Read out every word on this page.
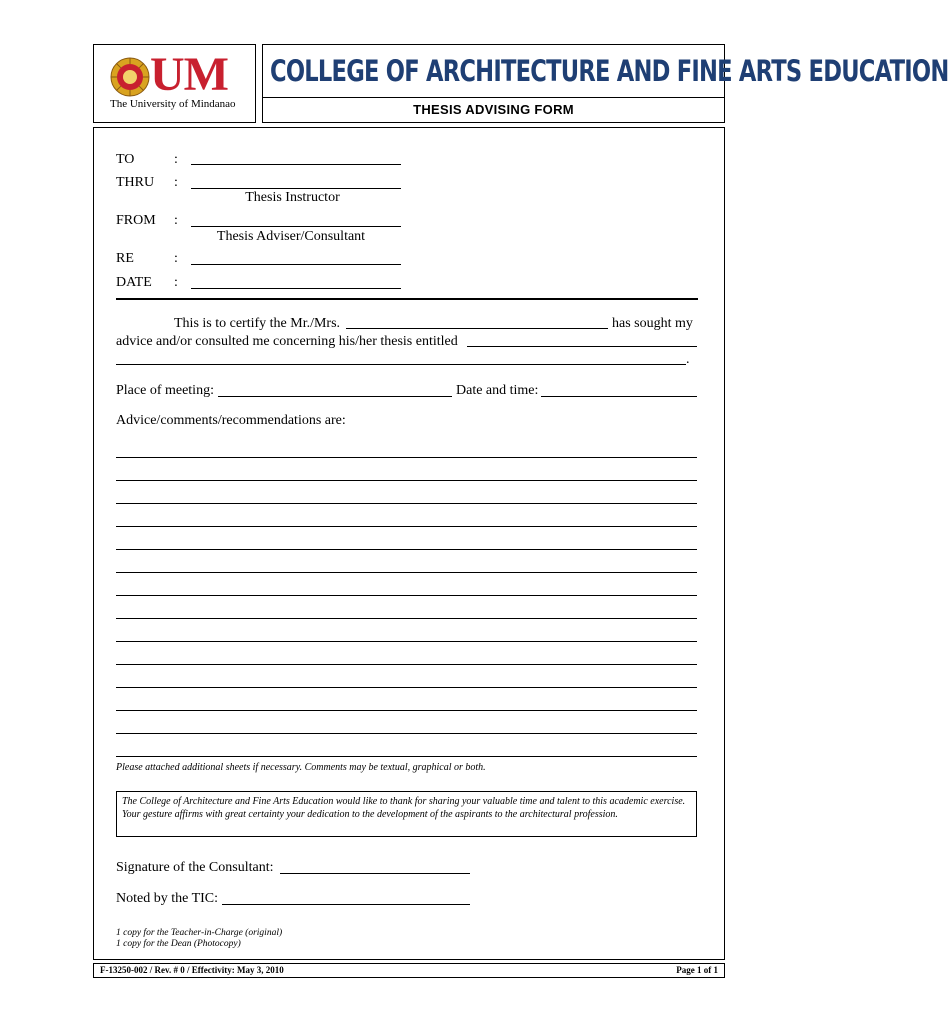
UM
The University of Mindanao
COLLEGE OF ARCHITECTURE AND FINE ARTS EDUCATION
THESIS ADVISING FORM
TO	:
THRU :
Thesis Instructor
FROM :
Thesis Adviser/Consultant
RE	:
DATE :
This is to certify the Mr./Mrs.	has sought my
advice and/or consulted me concerning his/her thesis entitled
.
Place of meeting:	Date and time:
Advice/comments/recommendations are:
Please attached additional sheets if necessary. Comments may be textual, graphical or both.
The College of Architecture and Fine Arts Education would like to thank for sharing your valuable time and talent to this academic exercise. Your gesture affirms with great certainty your dedication to the development of the aspirants to the architectural profession.
Signature of the Consultant:
Noted by the TIC:
1 copy for the Teacher-in-Charge (original)
1 copy for the Dean (Photocopy)
F-13250-002 / Rev. # 0 / Effectivity: May 3, 2010	Page 1 of 1
